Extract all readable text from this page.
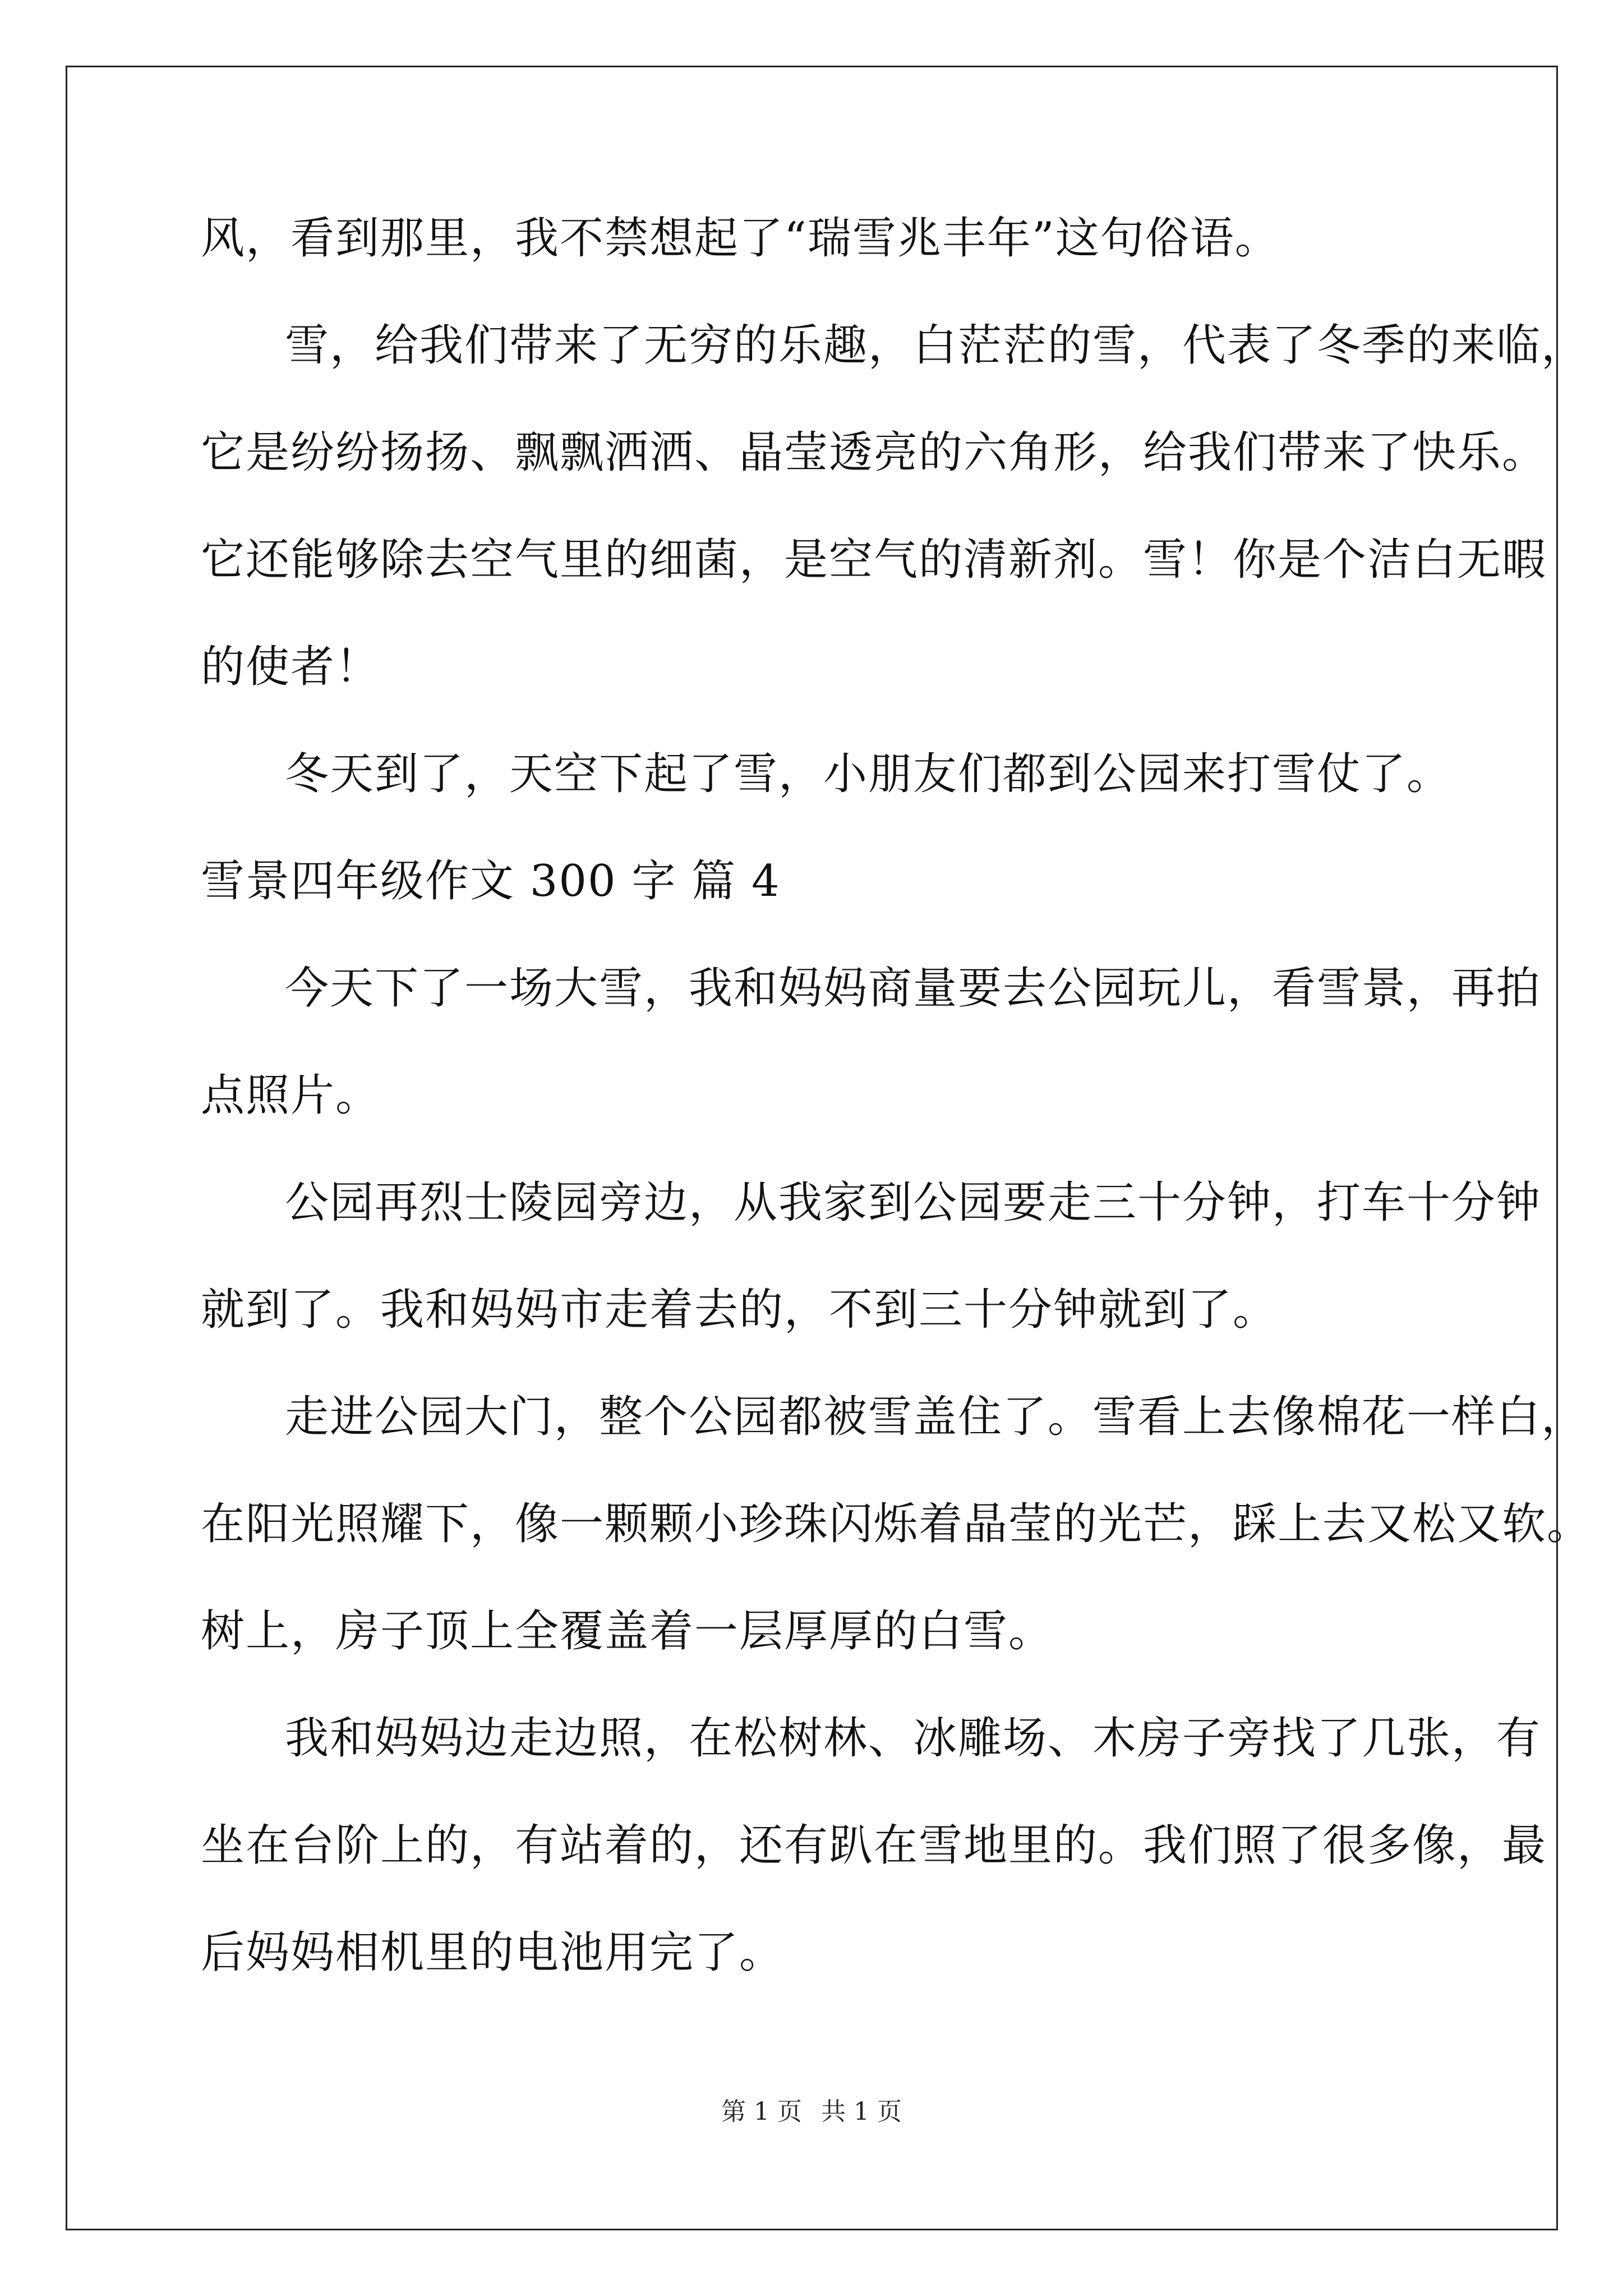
风，看到那里，我不禁想起了“瑞雪兆丰年”这句俗语。
雪，给我们带来了无穷的乐趣，白茫茫的雪，代表了冬季的来临，
它是纷纷扬扬、飘飘洒洒、晶莹透亮的六角形，给我们带来了快乐。
它还能够除去空气里的细菌，是空气的清新剂。雪！你是个洁白无暇
的使者！
冬天到了，天空下起了雪，小朋友们都到公园来打雪仗了。
雪景四年级作文 300 字 篇 4
今天下了一场大雪，我和妈妈商量要去公园玩儿，看雪景，再拍
点照片。
公园再烈士陵园旁边，从我家到公园要走三十分钟，打车十分钟
就到了。我和妈妈市走着去的，不到三十分钟就到了。
走进公园大门，整个公园都被雪盖住了。雪看上去像棉花一样白，
在阳光照耀下，像一颗颗小珍珠闪烁着晶莹的光芒，踩上去又松又软。
树上，房子顶上全覆盖着一层厚厚的白雪。
我和妈妈边走边照，在松树林、冰雕场、木房子旁找了几张，有
坐在台阶上的，有站着的，还有趴在雪地里的。我们照了很多像，最
后妈妈相机里的电池用完了。
第 1 页 共 1 页
